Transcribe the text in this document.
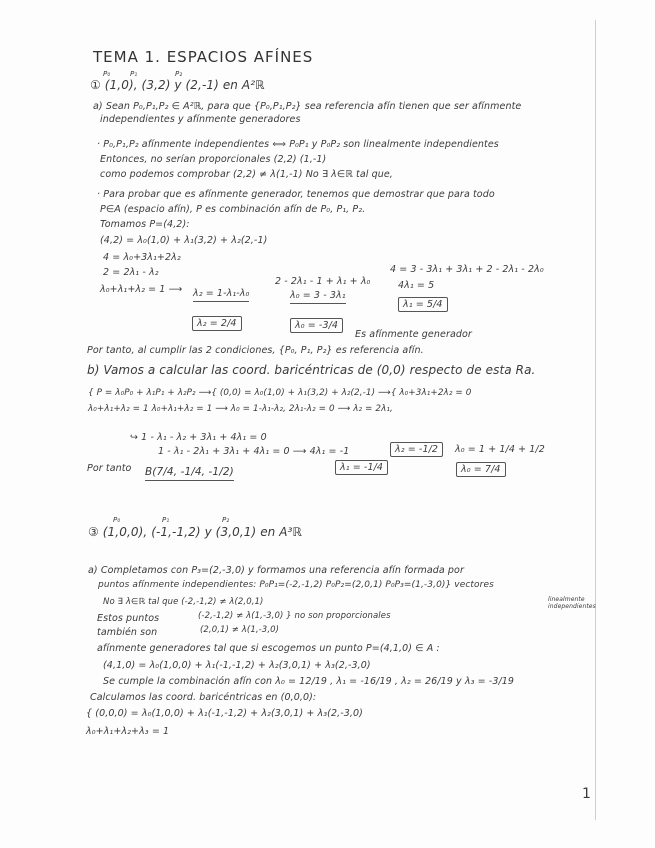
TEMA 1. ESPACIOS AFÍNES
① (1,0), (3,2) y (2,-1) en A²ℝ
P₀	P₁	P₂
a) Sean P₀,P₁,P₂ ∈ A²ℝ, para que {P₀,P₁,P₂} sea referencia afín tienen que ser afínmente
independientes y afínmente generadores
· P₀,P₁,P₂ afínmente independientes ⟺ P₀P₁ y P₀P₂ son linealmente independientes
Entonces, no serían proporcionales (2,2) (1,-1)
como podemos comprobar (2,2) ≠ λ(1,-1) No ∃ λ∈ℝ tal que,
· Para probar que es afínmente generador, tenemos que demostrar que para todo
P∈A (espacio afín), P es combinación afín de P₀, P₁, P₂.
Tomamos P=(4,2):
(4,2) = λ₀(1,0) + λ₁(3,2) + λ₂(2,-1)
4 = λ₀+3λ₁+2λ₂
2 = 2λ₁ - λ₂
λ₀+λ₁+λ₂ = 1 ⟶ λ₂ = 1-λ₁-λ₀
2 - 2λ₁ - 1 + λ₁ + λ₀
λ₀ = 3 - 3λ₁
4 = 3 - 3λ₁ + 3λ₁ + 2 - 2λ₁ - 2λ₀
4λ₁ = 5
λ₂ = 2/4	λ₀ = -3/4
λ₁ = 5/4
Es afínmente generador
Por tanto, al cumplir las 2 condiciones, {P₀, P₁, P₂} es referencia afín.
b) Vamos a calcular las coord. baricéntricas de (0,0) respecto de esta Ra.
{ P = λ₀P₀ + λ₁P₁ + λ₂P₂ ⟶{ (0,0) = λ₀(1,0) + λ₁(3,2) + λ₂(2,-1) ⟶{ λ₀+3λ₁+2λ₂ = 0
λ₀+λ₁+λ₂ = 1 λ₀+λ₁+λ₂ = 1 ⟶ λ₀ = 1-λ₁-λ₂, 2λ₁-λ₂ = 0 ⟶ λ₂ = 2λ₁,
↪ 1 - λ₁ - λ₂ + 3λ₁ + 4λ₁ = 0
1 - λ₁ - 2λ₁ + 3λ₁ + 4λ₁ = 0 ⟶ 4λ₁ = -1
λ₁ = -1/4
λ₂ = -1/2	λ₀ = 1 + 1/4 + 1/2
λ₀ = 7/4
Por tanto B(7/4, -1/4, -1/2)
③ (1,0,0), (-1,-1,2) y (3,0,1) en A³ℝ
P₀	P₁	P₂
a) Completamos con P₃=(2,-3,0) y formamos una referencia afín formada por
puntos afínmente independientes: P₀P₁=(-2,-1,2) P₀P₂=(2,0,1) P₀P₃=(1,-3,0)} vectores
linealmente independientes
No ∃ λ∈ℝ tal que (-2,-1,2) ≠ λ(2,0,1)
(-2,-1,2) ≠ λ(1,-3,0) } no son proporcionales
(2,0,1) ≠ λ(1,-3,0)
Estos puntos
también son
afínmente generadores tal que si escogemos un punto P=(4,1,0) ∈ A :
(4,1,0) = λ₀(1,0,0) + λ₁(-1,-1,2) + λ₂(3,0,1) + λ₃(2,-3,0)
Se cumple la combinación afín con λ₀ = 12/19 , λ₁ = -16/19 , λ₂ = 26/19 y λ₃ = -3/19
Calculamos las coord. baricéntricas en (0,0,0):
{ (0,0,0) = λ₀(1,0,0) + λ₁(-1,-1,2) + λ₂(3,0,1) + λ₃(2,-3,0)
λ₀+λ₁+λ₂+λ₃ = 1
1
